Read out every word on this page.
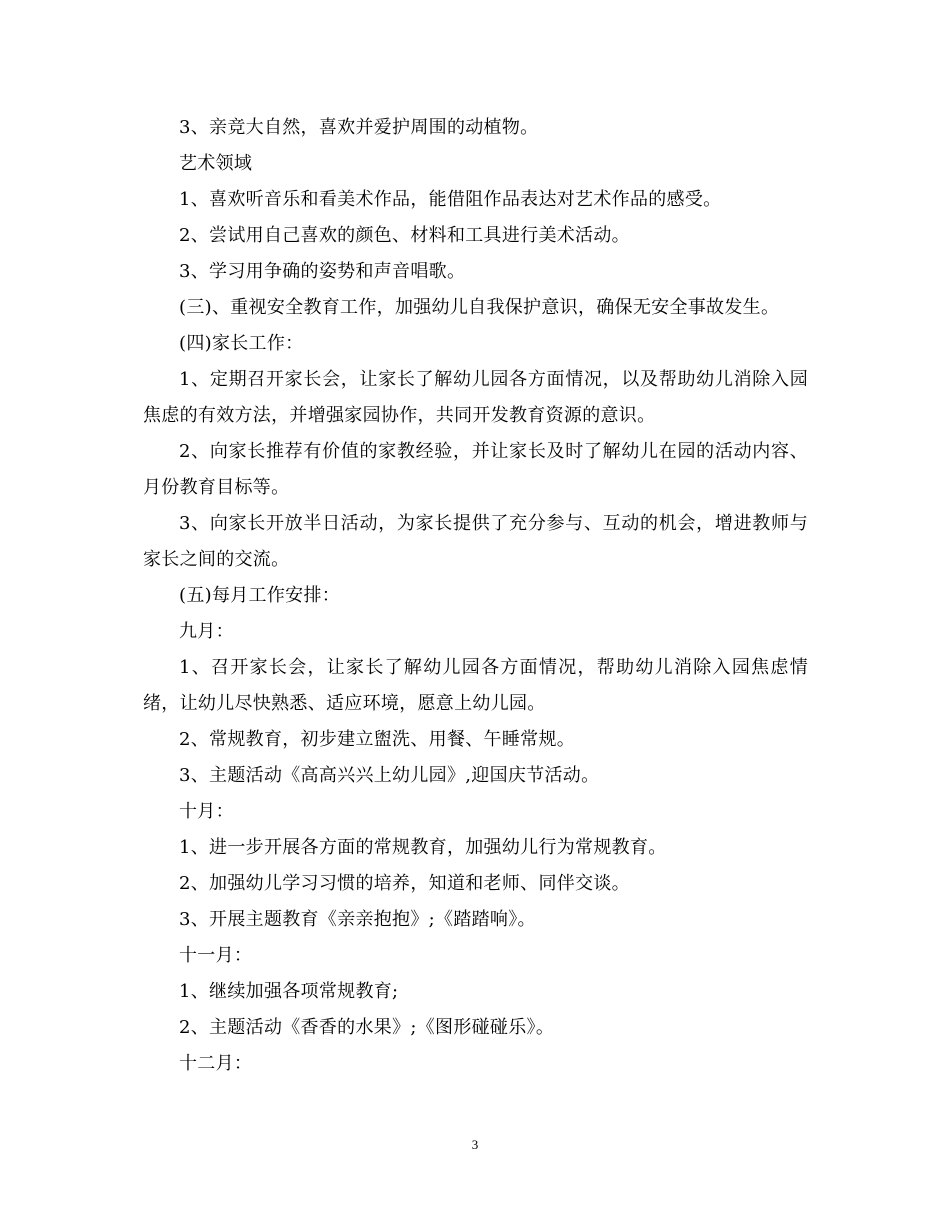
3、亲竞大自然，喜欢并爱护周围的动植物。

艺术领域

1、喜欢听音乐和看美术作品，能借阻作品表达对艺术作品的感受。

2、尝试用自己喜欢的颜色、材料和工具进行美术活动。

3、学习用争确的姿势和声音唱歌。

(三)、重视安全教育工作，加强幼儿自我保护意识，确保无安全事故发生。

(四)家长工作：

1、定期召开家长会，让家长了解幼儿园各方面情况，以及帮助幼儿消除入园焦虑的有效方法，并增强家园协作，共同开发教育资源的意识。

2、向家长推荐有价值的家教经验，并让家长及时了解幼儿在园的活动内容、月份教育目标等。

3、向家长开放半日活动，为家长提供了充分参与、互动的机会，增进教师与家长之间的交流。

(五)每月工作安排：

九月：

1、召开家长会，让家长了解幼儿园各方面情况，帮助幼儿消除入园焦虑情绪，让幼儿尽快熟悉、适应环境，愿意上幼儿园。

2、常规教育，初步建立盥洗、用餐、午睡常规。

3、主题活动《高高兴兴上幼儿园》,迎国庆节活动。

十月：

1、进一步开展各方面的常规教育，加强幼儿行为常规教育。

2、加强幼儿学习习惯的培养，知道和老师、同伴交谈。

3、开展主题教育《亲亲抱抱》;《踏踏响》。

十一月：

1、继续加强各项常规教育;

2、主题活动《香香的水果》;《图形碰碰乐》。

十二月：

3
